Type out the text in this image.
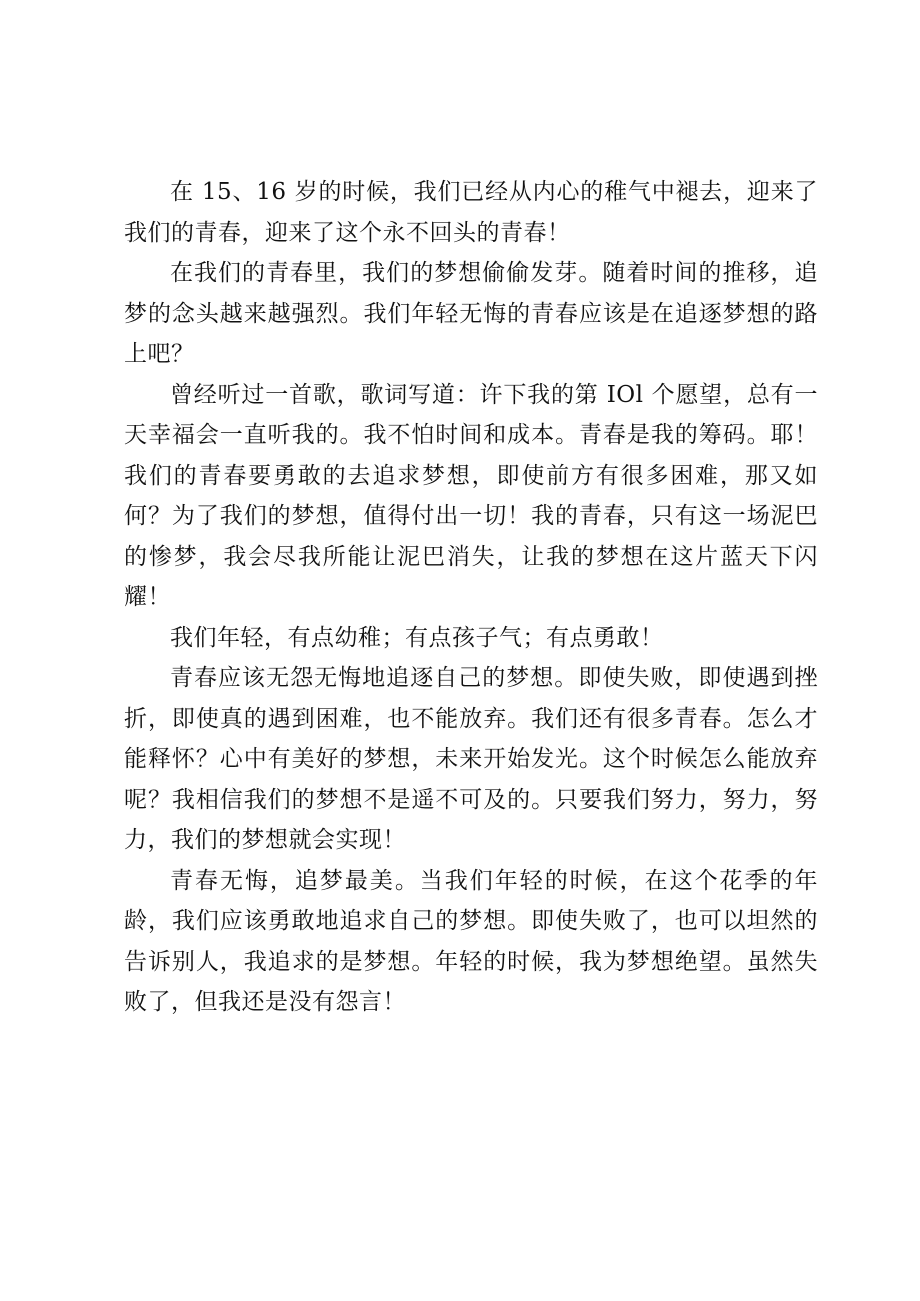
在 15、16 岁的时候，我们已经从内心的稚气中褪去，迎来了我们的青春，迎来了这个永不回头的青春！

在我们的青春里，我们的梦想偷偷发芽。随着时间的推移，追梦的念头越来越强烈。我们年轻无悔的青春应该是在追逐梦想的路上吧？

曾经听过一首歌，歌词写道：许下我的第 IOl 个愿望，总有一天幸福会一直听我的。我不怕时间和成本。青春是我的筹码。耶！我们的青春要勇敢的去追求梦想，即使前方有很多困难，那又如何？为了我们的梦想，值得付出一切！我的青春，只有这一场泥巴的惨梦，我会尽我所能让泥巴消失，让我的梦想在这片蓝天下闪耀！

我们年轻，有点幼稚；有点孩子气；有点勇敢！

青春应该无怨无悔地追逐自己的梦想。即使失败，即使遇到挫折，即使真的遇到困难，也不能放弃。我们还有很多青春。怎么才能释怀？心中有美好的梦想，未来开始发光。这个时候怎么能放弃呢？我相信我们的梦想不是遥不可及的。只要我们努力，努力，努力，我们的梦想就会实现！

青春无悔，追梦最美。当我们年轻的时候，在这个花季的年龄，我们应该勇敢地追求自己的梦想。即使失败了，也可以坦然的告诉别人，我追求的是梦想。年轻的时候，我为梦想绝望。虽然失败了，但我还是没有怨言！
